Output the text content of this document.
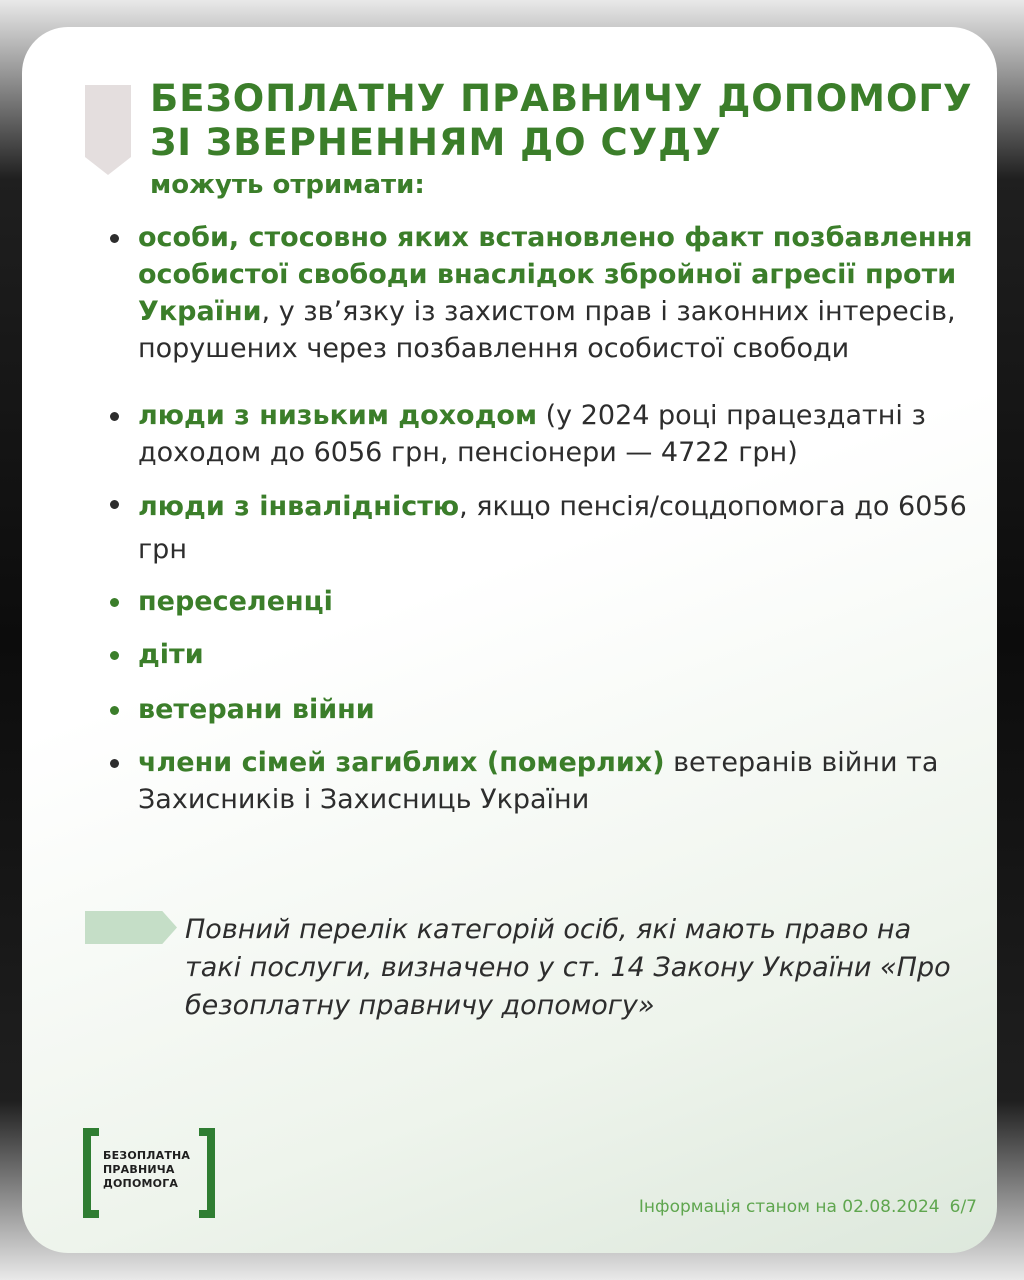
БЕЗОПЛАТНУ ПРАВНИЧУ ДОПОМОГУ
ЗІ ЗВЕРНЕННЯМ ДО СУДУ

можуть отримати:

особи, стосовно яких встановлено факт позбавлення особистої свободи внаслідок збройної агресії проти України, у зв’язку із захистом прав і законних інтересів, порушених через позбавлення особистої свободи
люди з низьким доходом (у 2024 році працездатні з доходом до 6056 грн, пенсіонери — 4722 грн)
люди з інвалідністю, якщо пенсія/соцдопомога до 6056 грн
переселенці
діти
ветерани війни
члени сімей загиблих (померлих) ветеранів війни та Захисників і Захисниць України

Повний перелік категорій осіб, які мають право на такі послуги, визначено у ст. 14 Закону України «Про безоплатну правничу допомогу»

БЕЗОПЛАТНА
ПРАВНИЧА
ДОПОМОГА
Інформація станом на 02.08.2024 6/7
